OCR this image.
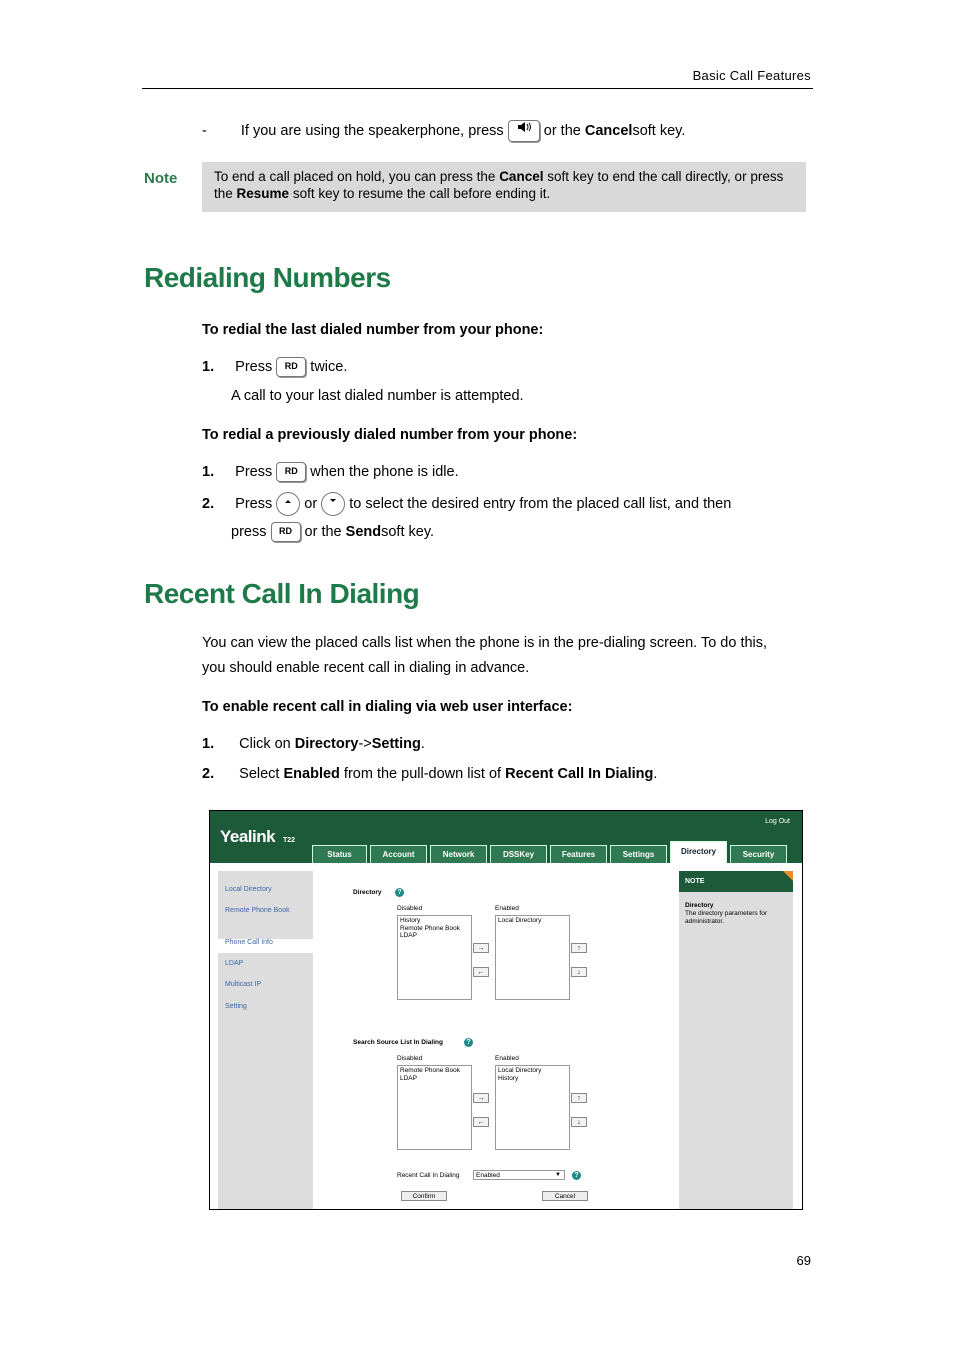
Basic Call Features
- If you are using the speakerphone, press	or the Cancelsoft key.
Note	To end a call placed on hold, you can press the Cancel soft key to end the call directly, or press the Resume soft key to resume the call before ending it.
Redialing Numbers
To redial the last dialed number from your phone:
1. Press RD twice.
A call to your last dialed number is attempted.
To redial a previously dialed number from your phone:
1. Press RD when the phone is idle.
2. Press or to select the desired entry from the placed call list, and then
press RD or the Sendsoft key.
Recent Call In Dialing
You can view the placed calls list when the phone is in the pre-dialing screen. To do this,
you should enable recent call in dialing in advance.
To enable recent call in dialing via web user interface:
1. Click on Directory->Setting.
2. Select Enabled from the pull-down list of Recent Call In Dialing.
Yealink T22
Log Out
Status	Account	Network	DSSKey	Features	Settings	Directory	Security
Local Directory
Remote Phone Book
Phone Call Info
LDAP
Multicast IP
Setting
Directory	?
Disabled	Enabled
History
Remote Phone Book
LDAP
→
←
Local Directory
↑
↓
Search Source List In Dialing	?
Disabled	Enabled
Remote Phone Book
LDAP
→
←
Local Directory
History
↑
↓
Recent Call In Dialing	Enabled	▼	?
Confirm	Cancel
NOTE
Directory
The directory parameters for administrator.
69
